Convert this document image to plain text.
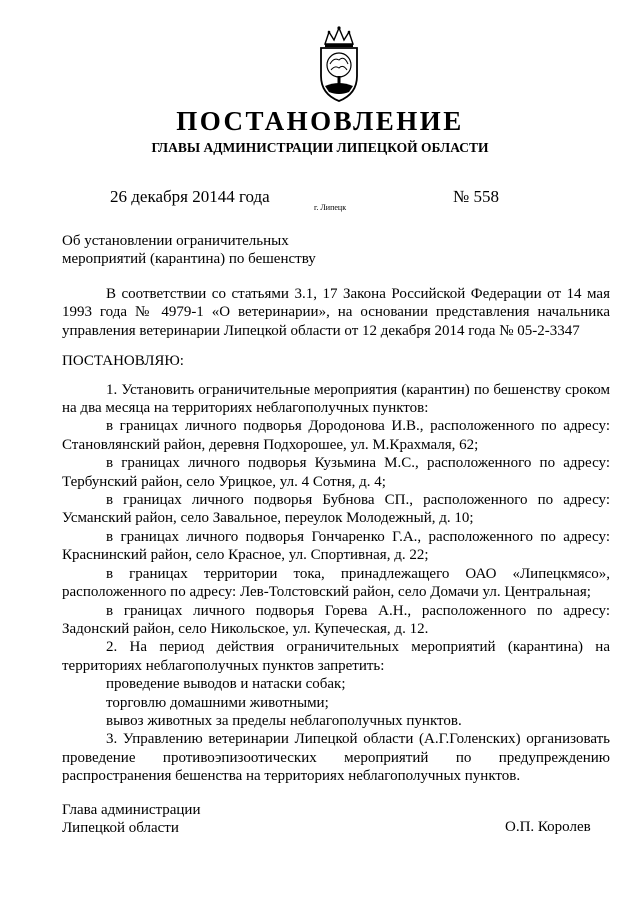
ПОСТАНОВЛЕНИЕ
ГЛАВЫ АДМИНИСТРАЦИИ ЛИПЕЦКОЙ ОБЛАСТИ
26 декабря 20144 года
г. Липецк
№ 558
Об установлении ограничительных
мероприятий (карантина) по бешенству

В соответствии со статьями 3.1, 17 Закона Российской Федерации от 14 мая 1993 года № 4979-1 «О ветеринарии», на основании представления начальника управления ветеринарии Липецкой области от 12 декабря 2014 года № 05-2-3347

ПОСТАНОВЛЯЮ:

1. Установить ограничительные мероприятия (карантин) по бешенству сроком на два месяца на территориях неблагополучных пунктов:

в границах личного подворья Дородонова И.В., расположенного по адресу: Становлянский район, деревня Подхорошее, ул. М.Крахмаля, 62;

в границах личного подворья Кузьмина М.С., расположенного по адресу: Тербунский район, село Урицкое, ул. 4 Сотня, д. 4;

в границах личного подворья Бубнова СП., расположенного по адресу: Усманский район, село Завальное, переулок Молодежный, д. 10;

в границах личного подворья Гончаренко Г.А., расположенного по адресу: Краснинский район, село Красное, ул. Спортивная, д. 22;

в границах территории тока, принадлежащего ОАО «Липецкмясо», расположенного по адресу: Лев-Толстовский район, село Домачи ул. Центральная;

в границах личного подворья Горева А.Н., расположенного по адресу: Задонский район, село Никольское, ул. Купеческая, д. 12.

2. На период действия ограничительных мероприятий (карантина) на территориях неблагополучных пунктов запретить:

проведение выводов и натаски собак;

торговлю домашними животными;

вывоз животных за пределы неблагополучных пунктов.

3. Управлению ветеринарии Липецкой области (А.Г.Голенских) организовать проведение противоэпизоотических мероприятий по предупреждению распространения бешенства на территориях неблагополучных пунктов.

Глава администрации
Липецкой области	О.П. Королев
